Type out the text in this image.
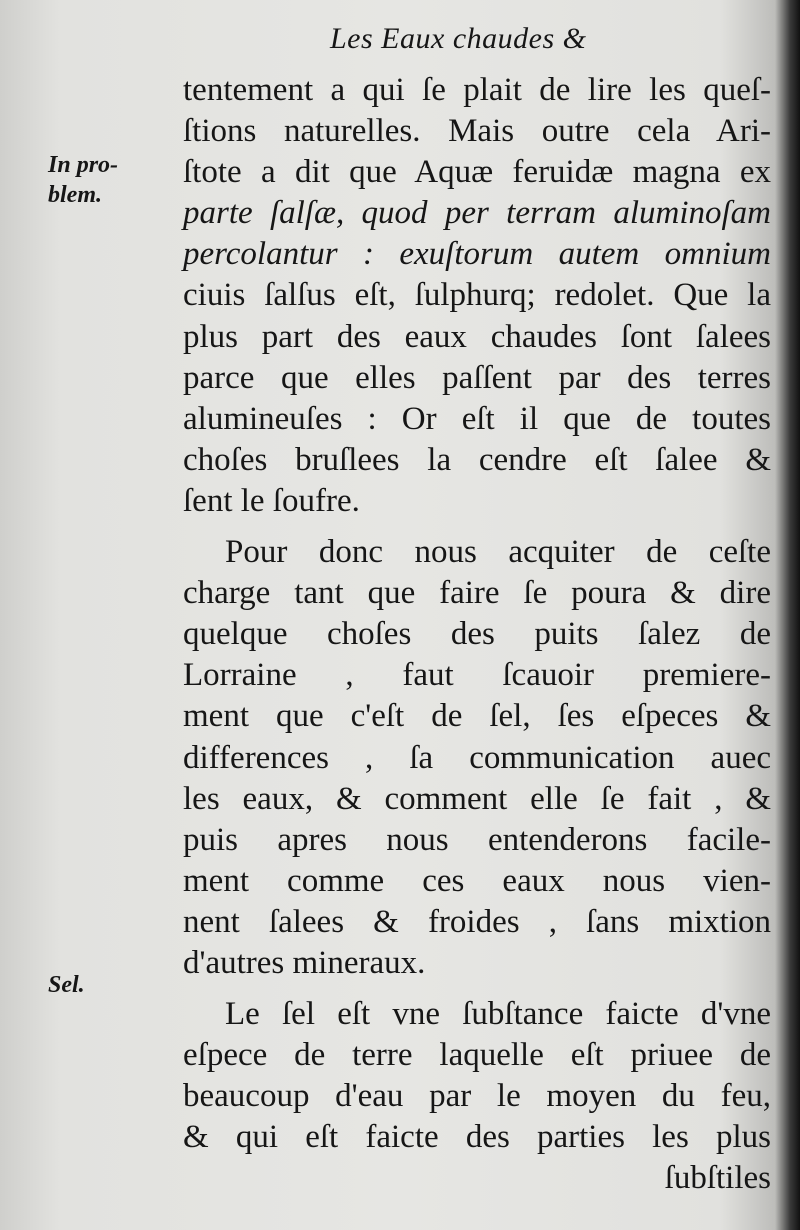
Les Eaux chaudes &
In pro-
blem.
Sel.
tentement a qui ſe plait de lire les queſ-
ſtions naturelles. Mais outre cela Ari-
ſtote a dit que Aquæ feruidæ magna ex
parte ſalſæ, quod per terram aluminoſam
percolantur : exuſtorum autem omnium
ciuis ſalſus eſt, ſulphurq; redolet. Que la
plus part des eaux chaudes ſont ſalees
parce que elles paſſent par des terres
alumineuſes : Or eſt il que de toutes
choſes bruſlees la cendre eſt ſalee &
ſent le ſoufre.
Pour donc nous acquiter de ceſte
charge tant que faire ſe poura & dire
quelque choſes des puits ſalez de
Lorraine , faut ſcauoir premiere-
ment que c'eſt de ſel, ſes eſpeces &
differences , ſa communication auec
les eaux, & comment elle ſe fait , &
puis apres nous entenderons facile-
ment comme ces eaux nous vien-
nent ſalees & froides , ſans mixtion
d'autres mineraux.
Le ſel eſt vne ſubſtance faicte d'vne
eſpece de terre laquelle eſt priuee de
beaucoup d'eau par le moyen du feu,
& qui eſt faicte des parties les plus
ſubſtiles
